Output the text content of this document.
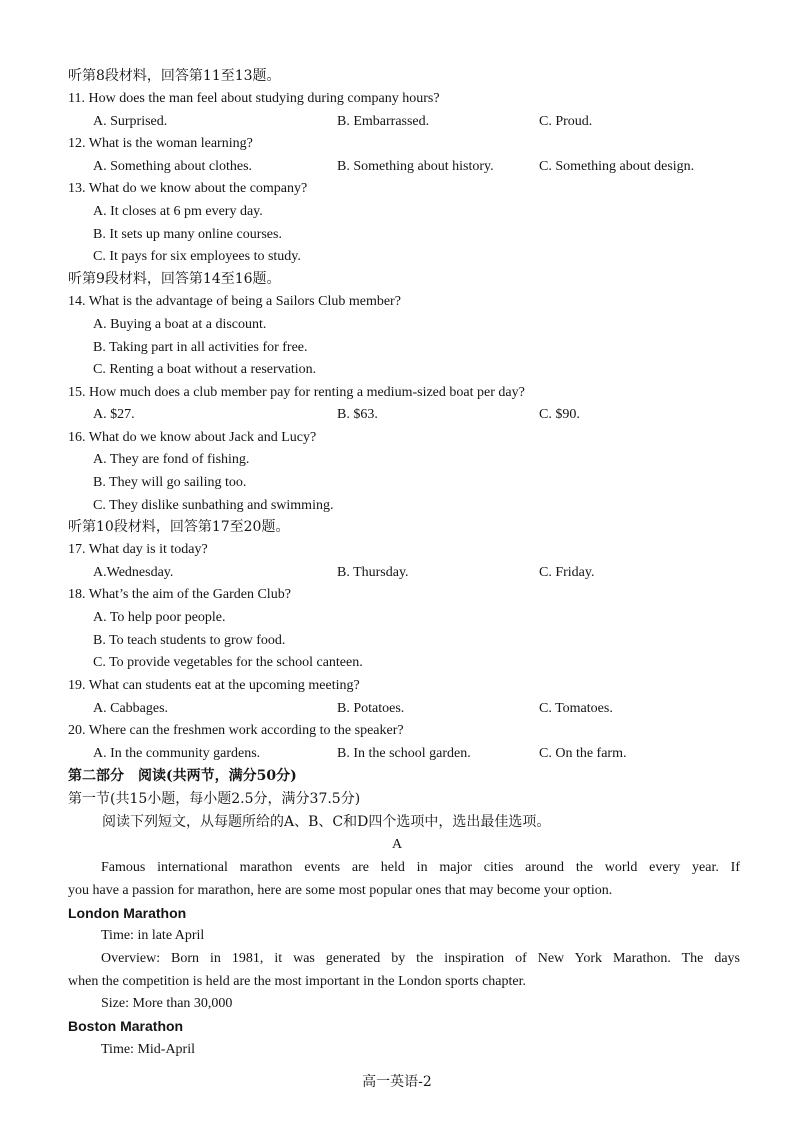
听第8段材料，回答第11至13题。
11. How does the man feel about studying during company hours?
A. Surprised.	B. Embarrassed.	C. Proud.
12. What is the woman learning?
A. Something about clothes.	B. Something about history.	C. Something about design.
13. What do we know about the company?
A. It closes at 6 pm every day.
B. It sets up many online courses.
C. It pays for six employees to study.
听第9段材料，回答第14至16题。
14. What is the advantage of being a Sailors Club member?
A. Buying a boat at a discount.
B. Taking part in all activities for free.
C. Renting a boat without a reservation.
15. How much does a club member pay for renting a medium-sized boat per day?
A. $27.	B. $63.	C. $90.
16. What do we know about Jack and Lucy?
A. They are fond of fishing.
B. They will go sailing too.
C. They dislike sunbathing and swimming.
听第10段材料，回答第17至20题。
17. What day is it today?
A.Wednesday.	B. Thursday.	C. Friday.
18. What’s the aim of the Garden Club?
A. To help poor people.
B. To teach students to grow food.
C. To provide vegetables for the school canteen.
19. What can students eat at the upcoming meeting?
A. Cabbages.	B. Potatoes.	C. Tomatoes.
20. Where can the freshmen work according to the speaker?
A. In the community gardens.	B. In the school garden.	C. On the farm.
第二部分　阅读(共两节，满分50分)
第一节(共15小题，每小题2.5分，满分37.5分)
阅读下列短文，从每题所给的A、B、C和D四个选项中，选出最佳选项。
A
Famous international marathon events are held in major cities around the world every year. If
you have a passion for marathon, here are some most popular ones that may become your option.
London Marathon
Time: in late April
Overview: Born in 1981, it was generated by the inspiration of New York Marathon. The days
when the competition is held are the most important in the London sports chapter.
Size: More than 30,000
Boston Marathon
Time: Mid-April
高一英语-2
